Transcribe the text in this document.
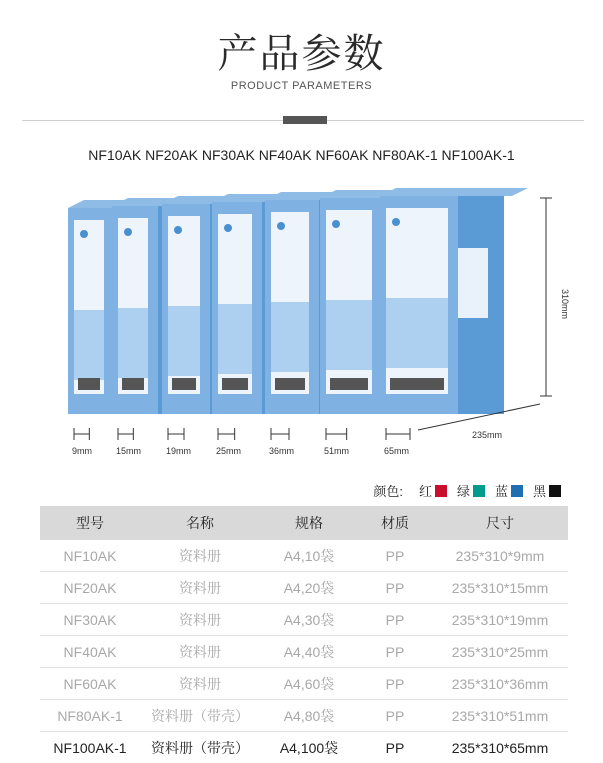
产品参数
PRODUCT PARAMETERS
NF10AK NF20AK NF30AK NF40AK NF60AK NF80AK-1 NF100AK-1
9mm	15mm	19mm	25mm	36mm	51mm	65mm
310mm
235mm
颜色: 红 绿 蓝 黑
型号	名称	规格	材质	尺寸
NF10AK	资料册	A4,10袋	PP	235*310*9mm
NF20AK	资料册	A4,20袋	PP	235*310*15mm
NF30AK	资料册	A4,30袋	PP	235*310*19mm
NF40AK	资料册	A4,40袋	PP	235*310*25mm
NF60AK	资料册	A4,60袋	PP	235*310*36mm
NF80AK-1	资料册（带壳）	A4,80袋	PP	235*310*51mm
NF100AK-1	资料册（带壳）	A4,100袋	PP	235*310*65mm
